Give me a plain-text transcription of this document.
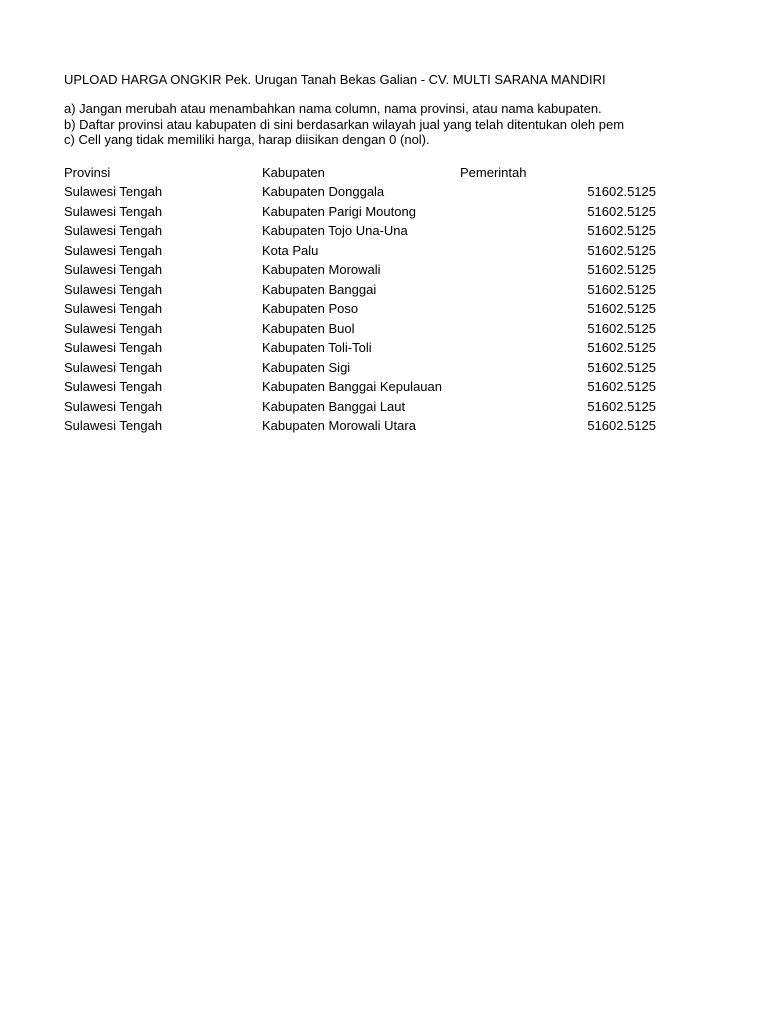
UPLOAD HARGA ONGKIR Pek. Urugan Tanah Bekas Galian - CV. MULTI SARANA MANDIRI
a) Jangan merubah atau menambahkan nama column, nama provinsi, atau nama kabupaten.
b) Daftar provinsi atau kabupaten di sini berdasarkan wilayah jual yang telah ditentukan oleh pem
c) Cell yang tidak memiliki harga, harap diisikan dengan 0 (nol).
Provinsi	Kabupaten	Pemerintah
Sulawesi Tengah	Kabupaten Donggala	51602.5125
Sulawesi Tengah	Kabupaten Parigi Moutong	51602.5125
Sulawesi Tengah	Kabupaten Tojo Una-Una	51602.5125
Sulawesi Tengah	Kota Palu	51602.5125
Sulawesi Tengah	Kabupaten Morowali	51602.5125
Sulawesi Tengah	Kabupaten Banggai	51602.5125
Sulawesi Tengah	Kabupaten Poso	51602.5125
Sulawesi Tengah	Kabupaten Buol	51602.5125
Sulawesi Tengah	Kabupaten Toli-Toli	51602.5125
Sulawesi Tengah	Kabupaten Sigi	51602.5125
Sulawesi Tengah	Kabupaten Banggai Kepulauan	51602.5125
Sulawesi Tengah	Kabupaten Banggai Laut	51602.5125
Sulawesi Tengah	Kabupaten Morowali Utara	51602.5125
